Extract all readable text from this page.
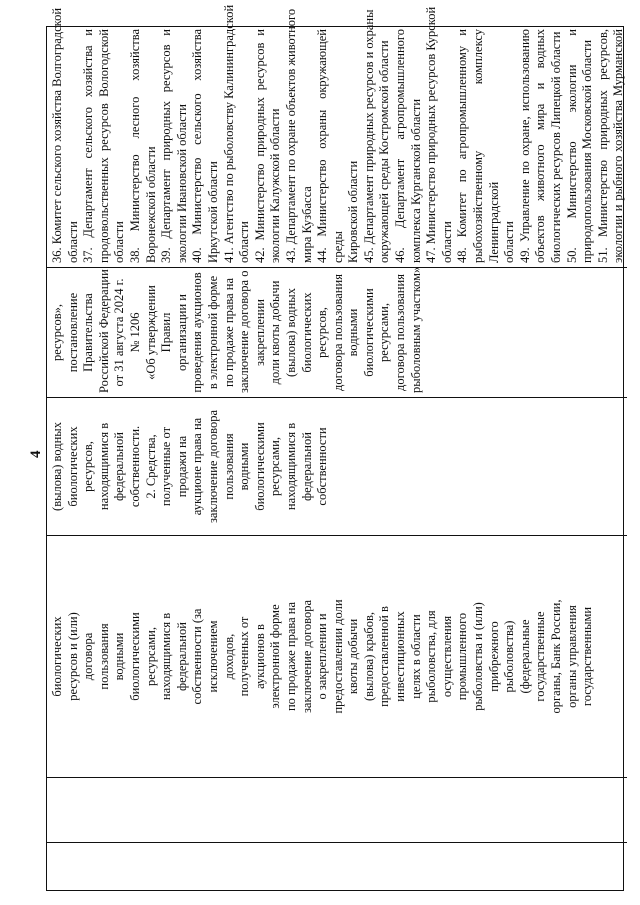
4
биологических ресурсов и (или) договора пользования водными биологическими ресурсами, находящимися в федеральной собственности (за исключением доходов, полученных от аукционов в электронной форме по продаже права на заключение договора о закреплении и предоставлении доли квоты добычи (вылова) крабов, предоставленной в инвестиционных целях в области рыболовства, для осуществления промышленного рыболовства и (или) прибрежного рыболовства) (федеральные государственные органы, Банк России, органы управления государственными
(вылова) водных биологических ресурсов, находящимися в федеральной собственности. 2. Средства, полученные от продажи на аукционе права на заключение договора пользования водными биологическими ресурсами, находящимися в федеральной собственности
ресурсов», постановление Правительства Российской Федерации от 31 августа 2024 г. № 1206 «Об утверждении Правил организации и проведения аукционов в электронной форме по продаже права на заключение договора о закреплении доли квоты добычи (вылова) водных биологических ресурсов, договора пользования водными биологическими ресурсами, договора пользования рыболовным участком»
36. Комитет сельского хозяйства Волгоградской области 37. Департамент сельского хозяйства и продовольственных ресурсов Вологодской области 38. Министерство лесного хозяйства Воронежской области 39. Департамент природных ресурсов и экологии Ивановской области 40. Министерство сельского хозяйства Иркутской области 41. Агентство по рыболовству Калининградской области 42. Министерство природных ресурсов и экологии Калужской области 43. Департамент по охране объектов животного мира Кузбасса 44. Министерство охраны окружающей среды Кировской области 45. Департамент природных ресурсов и охраны окружающей среды Костромской области 46. Департамент агропромышленного комплекса Курганской области 47. Министерство природных ресурсов Курской области 48. Комитет по агропромышленному и рыбохозяйственному комплексу Ленинградской области 49. Управление по охране, использованию объектов животного мира и водных биологических ресурсов Липецкой области 50. Министерство экологии и природопользования Московской области 51. Министерство природных ресурсов, экологии и рыбного хозяйства Мурманской
